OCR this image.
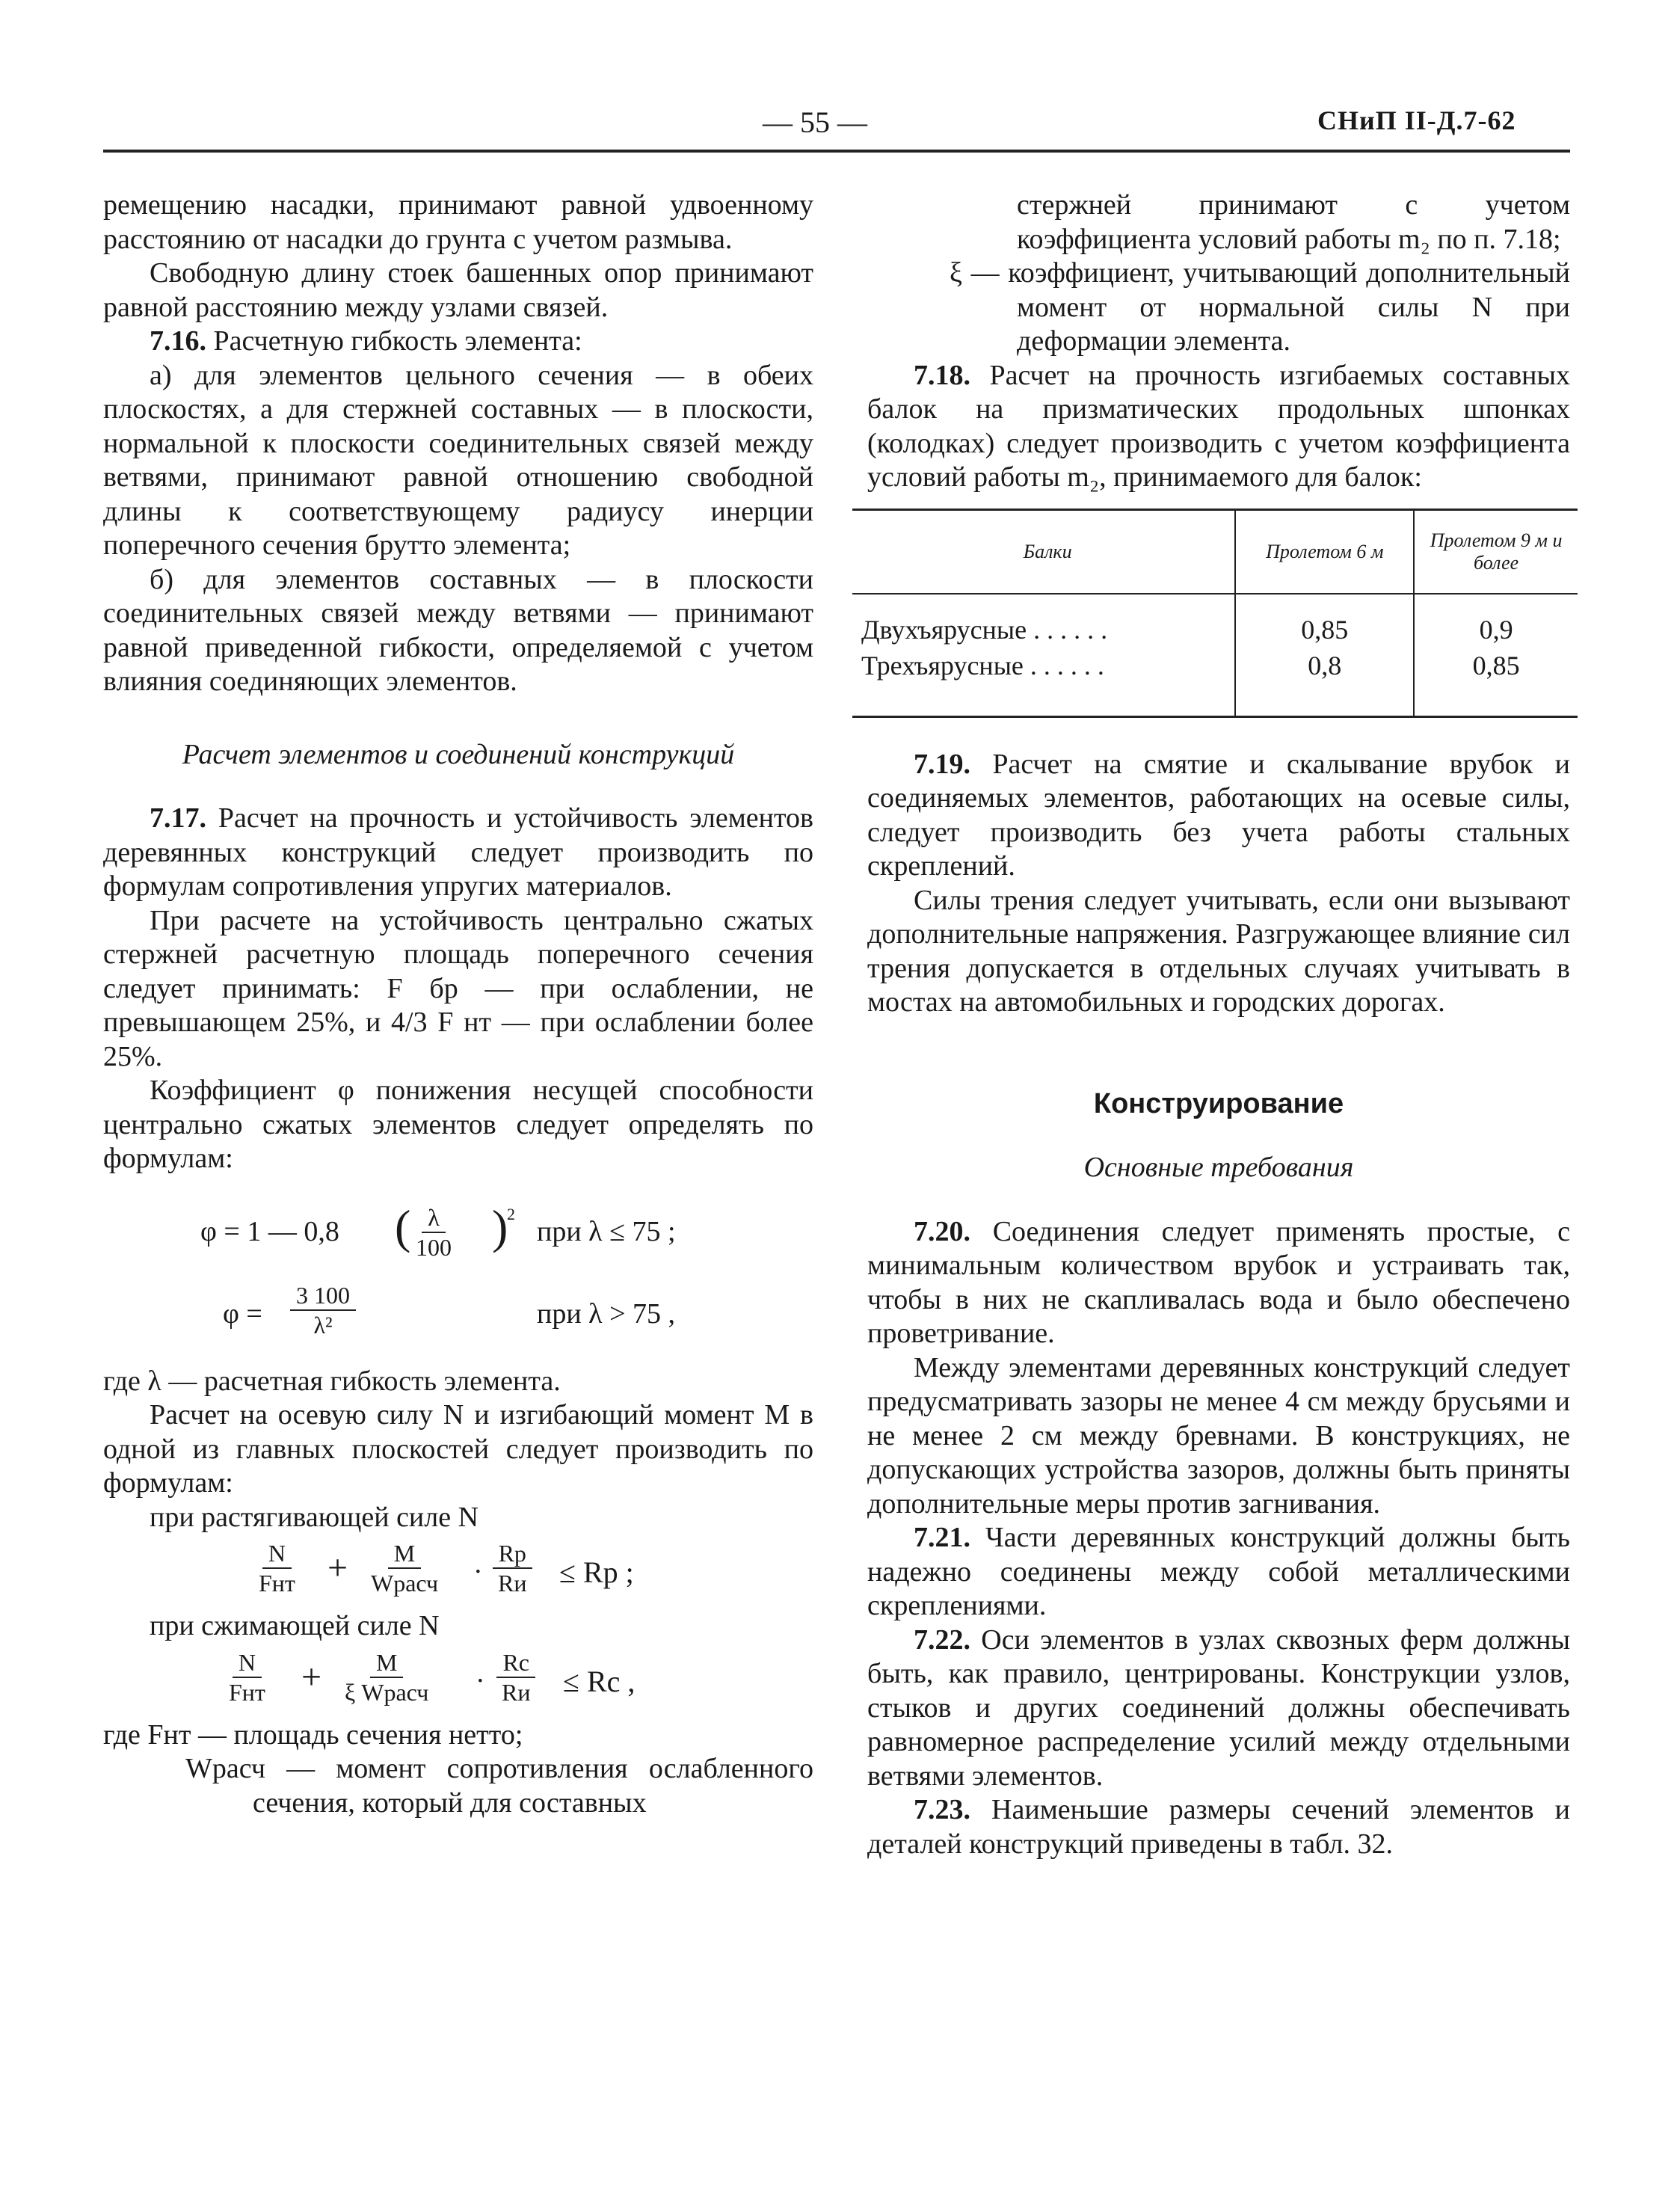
— 55 —	СНиП II-Д.7-62

ремещению насадки, принимают равной удвоенному расстоянию от насадки до грунта с учетом размыва.

Свободную длину стоек башенных опор принимают равной расстоянию между узлами связей.

7.16. Расчетную гибкость элемента:

а) для элементов цельного сечения — в обеих плоскостях, а для стержней составных — в плоскости, нормальной к плоскости соединительных связей между ветвями, принимают равной отношению свободной длины к соответствующему радиусу инерции поперечного сечения брутто элемента;

б) для элементов составных — в плоскости соединительных связей между ветвями — принимают равной приведенной гибкости, определяемой с учетом влияния соединяющих элементов.

Расчет элементов и соединений конструкций

7.17. Расчет на прочность и устойчивость элементов деревянных конструкций следует производить по формулам сопротивления упругих материалов.

При расчете на устойчивость центрально сжатых стержней расчетную площадь поперечного сечения следует принимать: F бр — при ослаблении, не превышающем 25%, и 4/3 F нт — при ослаблении более 25%.

Коэффициент φ понижения несущей способности центрально сжатых элементов следует определять по формулам:

φ = 1 — 0,8 (
$\frac{\lambda}{100}$ )
2
при λ ≤ 75 ;
$\varphi = \frac{3 100}{\text{λ²}}$	при λ > 75 ,

где λ — расчетная гибкость элемента.

Расчет на осевую силу N и изгибающий момент M в одной из главных плоскостей следует производить по формулам:

при растягивающей силе N

N
Fнт + M
Wрасч ·
Rр
Rи ≤ Rр ;

при сжимающей силе N

N
Fнт + M
ξ Wрасч ·
Rс
Rи ≤ Rс ,

где Fнт — площадь сечения нетто;

Wрасч — момент сопротивления ослабленного сечения, который для составных

стержней принимают с учетом коэффициента условий работы m₂ по п. 7.18;

ξ — коэффициент, учитывающий дополнительный момент от нормальной силы N при деформации элемента.

7.18. Расчет на прочность изгибаемых составных балок на призматических продольных шпонках (колодках) следует производить с учетом коэффициента условий работы m₂, принимаемого для балок:

Балки	Пролетом 6 м	Пролетом 9 м и более
Двухъярусные . . . . . .	0,85	0,9
Трехъярусные . . . . . .	0,8	0,85

7.19. Расчет на смятие и скалывание врубок и соединяемых элементов, работающих на осевые силы, следует производить без учета работы стальных скреплений.

Силы трения следует учитывать, если они вызывают дополнительные напряжения. Разгружающее влияние сил трения допускается в отдельных случаях учитывать в мостах на автомобильных и городских дорогах.

Конструирование
Основные требования

7.20. Соединения следует применять простые, с минимальным количеством врубок и устраивать так, чтобы в них не скапливалась вода и было обеспечено проветривание.

Между элементами деревянных конструкций следует предусматривать зазоры не менее 4 см между брусьями и не менее 2 см между бревнами. В конструкциях, не допускающих устройства зазоров, должны быть приняты дополнительные меры против загнивания.

7.21. Части деревянных конструкций должны быть надежно соединены между собой металлическими скреплениями.

7.22. Оси элементов в узлах сквозных ферм должны быть, как правило, центрированы. Конструкции узлов, стыков и других соединений должны обеспечивать равномерное распределение усилий между отдельными ветвями элементов.

7.23. Наименьшие размеры сечений элементов и деталей конструкций приведены в табл. 32.
